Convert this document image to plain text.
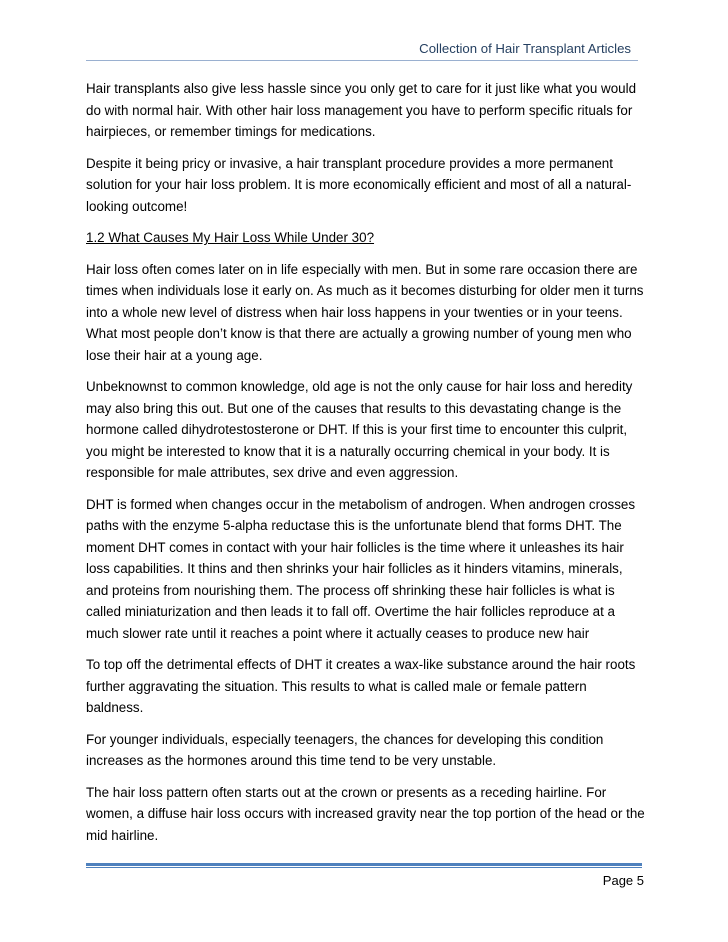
Collection of Hair Transplant Articles

Hair transplants also give less hassle since you only get to care for it just like what you would do with normal hair. With other hair loss management you have to perform specific rituals for hairpieces, or remember timings for medications.

Despite it being pricy or invasive, a hair transplant procedure provides a more permanent solution for your hair loss problem. It is more economically efficient and most of all a natural-looking outcome!

1.2 What Causes My Hair Loss While Under 30?

Hair loss often comes later on in life especially with men. But in some rare occasion there are times when individuals lose it early on. As much as it becomes disturbing for older men it turns into a whole new level of distress when hair loss happens in your twenties or in your teens. What most people don’t know is that there are actually a growing number of young men who lose their hair at a young age.

Unbeknownst to common knowledge, old age is not the only cause for hair loss and heredity may also bring this out. But one of the causes that results to this devastating change is the hormone called dihydrotestosterone or DHT. If this is your first time to encounter this culprit, you might be interested to know that it is a naturally occurring chemical in your body. It is responsible for male attributes, sex drive and even aggression.

DHT is formed when changes occur in the metabolism of androgen. When androgen crosses paths with the enzyme 5-alpha reductase this is the unfortunate blend that forms DHT. The moment DHT comes in contact with your hair follicles is the time where it unleashes its hair loss capabilities. It thins and then shrinks your hair follicles as it hinders vitamins, minerals, and proteins from nourishing them. The process off shrinking these hair follicles is what is called miniaturization and then leads it to fall off. Overtime the hair follicles reproduce at a much slower rate until it reaches a point where it actually ceases to produce new hair

To top off the detrimental effects of DHT it creates a wax-like substance around the hair roots further aggravating the situation. This results to what is called male or female pattern baldness.

For younger individuals, especially teenagers, the chances for developing this condition increases as the hormones around this time tend to be very unstable.

The hair loss pattern often starts out at the crown or presents as a receding hairline. For women, a diffuse hair loss occurs with increased gravity near the top portion of the head or the mid hairline.

Page 5
